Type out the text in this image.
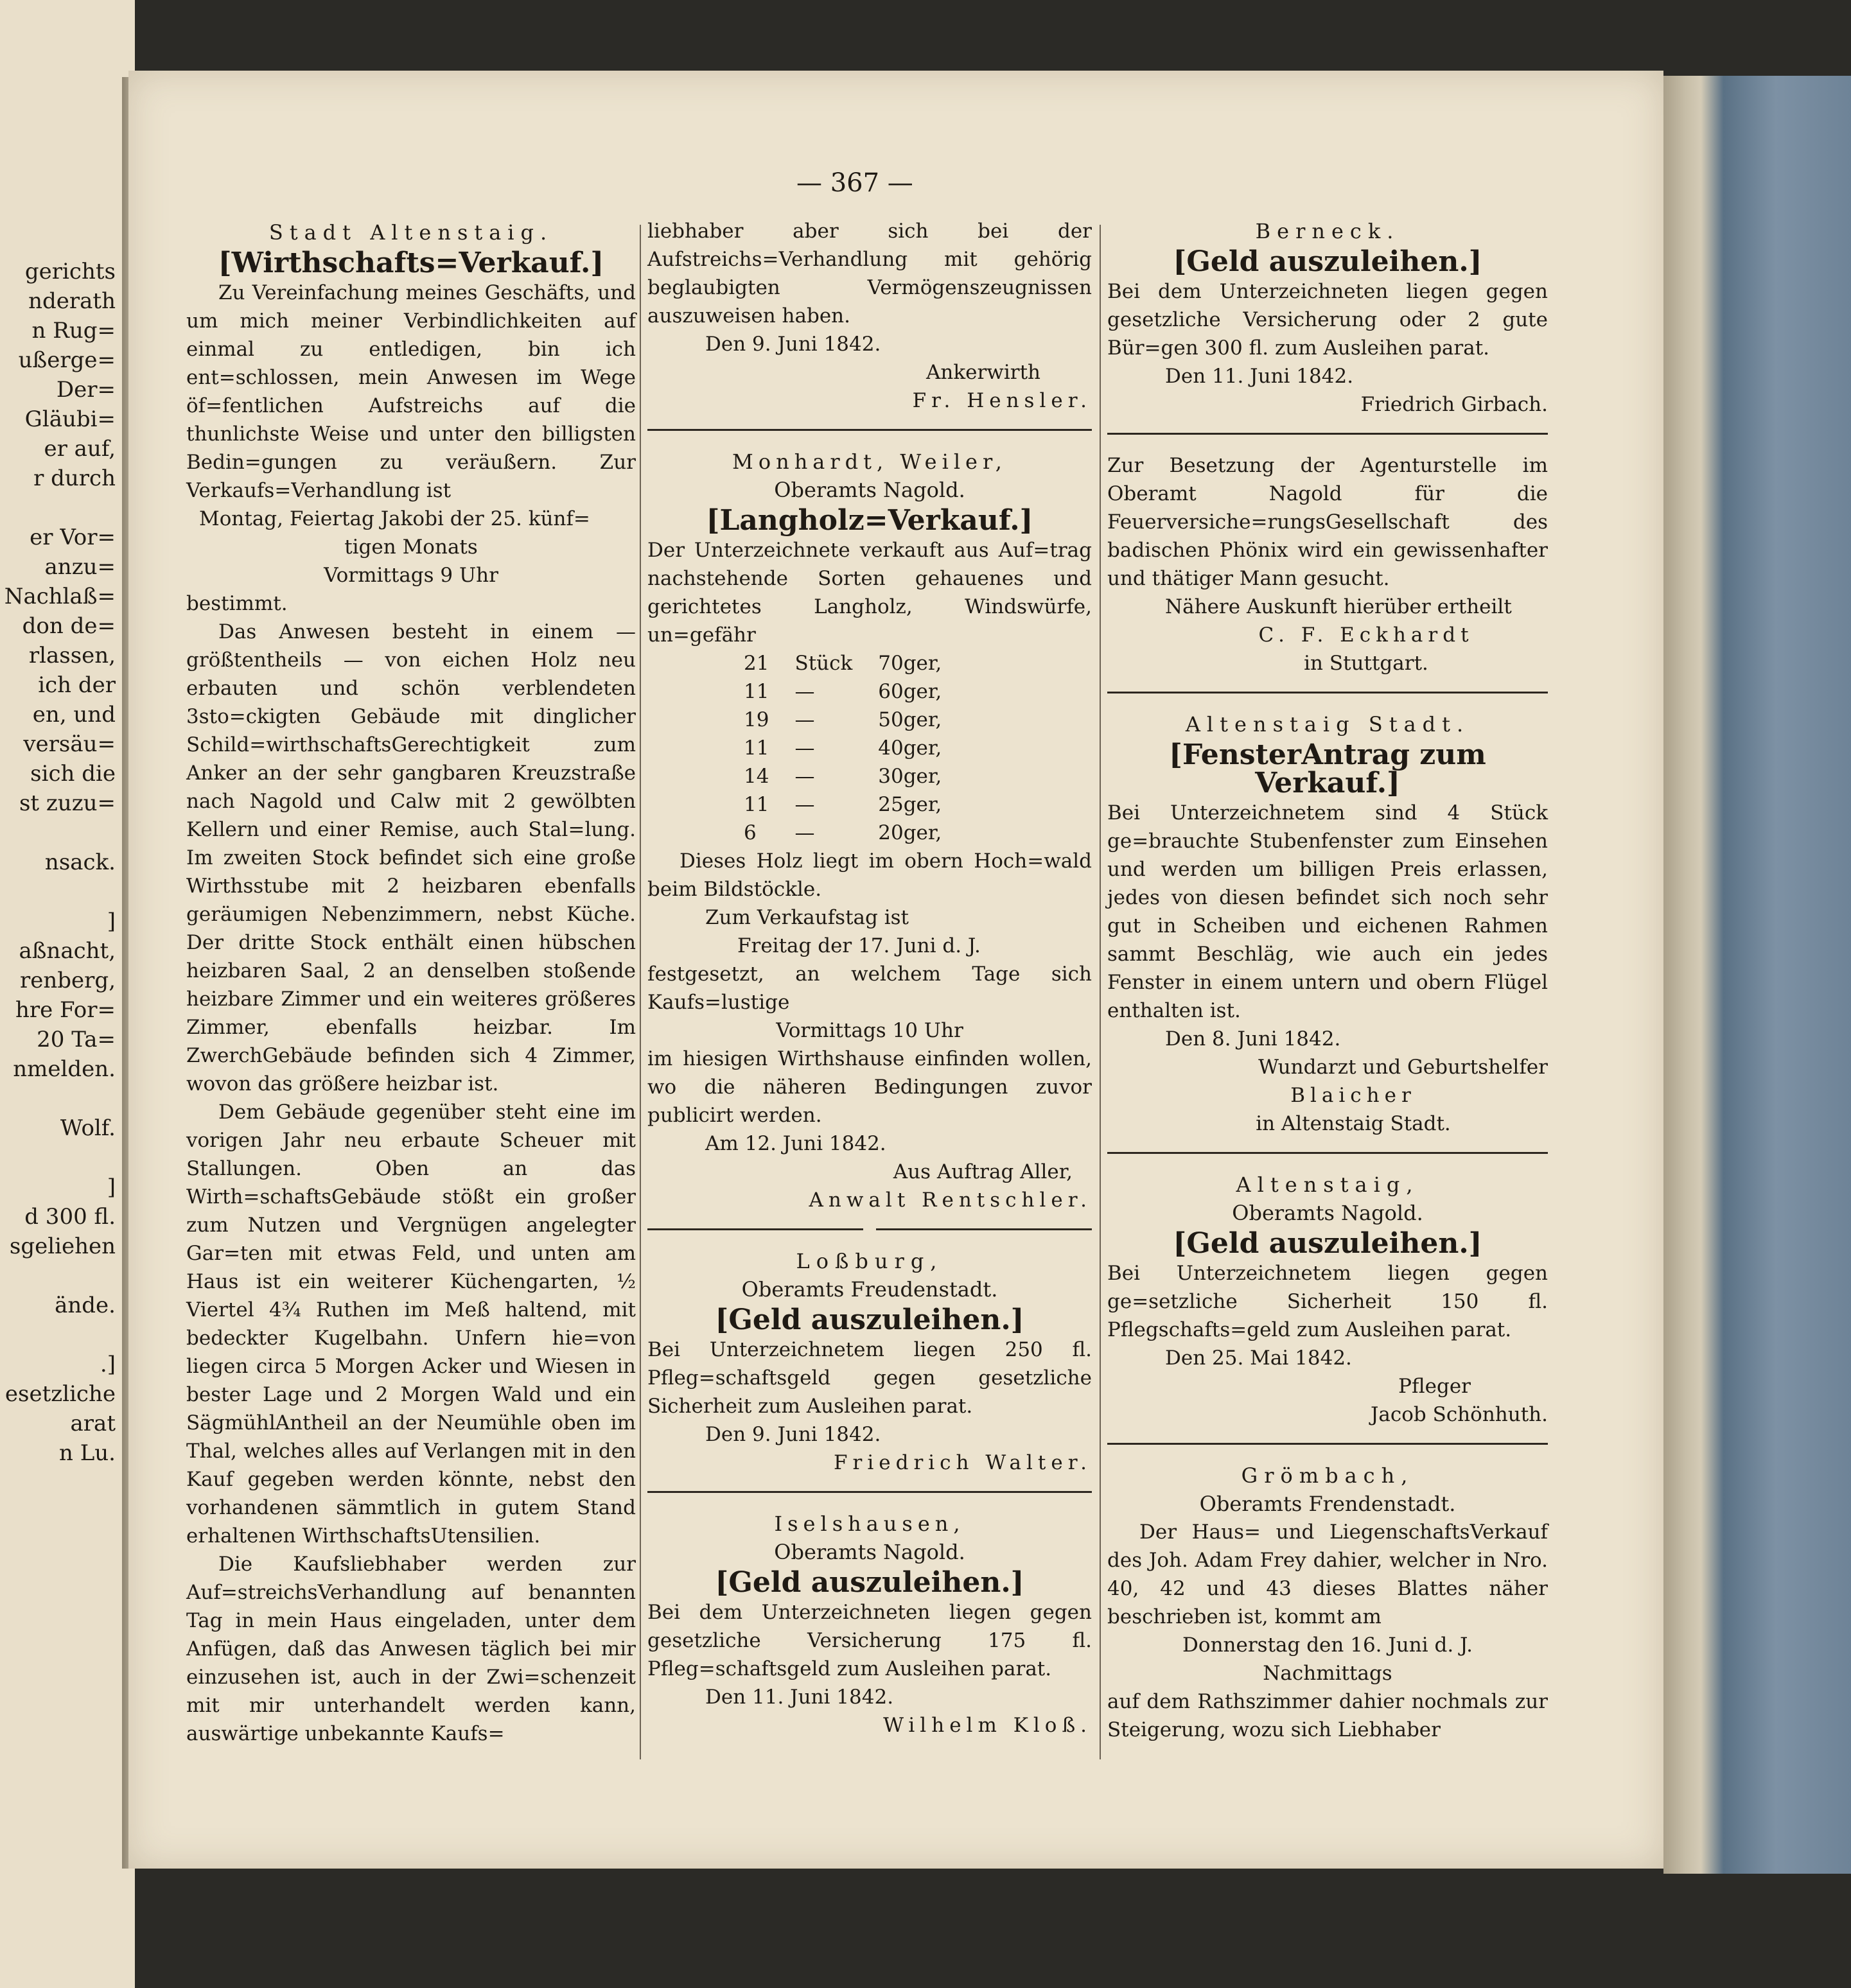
gerichts
nderath
n Rug=
ußerge=
Der=
Gläubi=
er auf,
r durch

er Vor=
anzu=
Nachlaß=
don de=
rlassen,
ich der
en, und
versäu=
sich die
st zuzu=

nsack.

]
aßnacht,
renberg,
hre For=
20 Ta=
nmelden.

Wolf.

]
d 300 fl.
sgeliehen

ände.

.]
esetzliche
arat
n Lu.
— 367 —
Stadt Altenstaig.
[Wirthschafts=Verkauf.]

Zu Vereinfachung meines Geschäfts, und um mich meiner Verbindlichkeiten auf einmal zu entledigen, bin ich ent=schlossen, mein Anwesen im Wege öf=fentlichen Aufstreichs auf die thunlichste Weise und unter den billigsten Bedin=gungen zu veräußern. Zur Verkaufs=Verhandlung ist

Montag, Feiertag Jakobi der 25. künf=
tigen Monats
Vormittags 9 Uhr
bestimmt.

Das Anwesen besteht in einem — größtentheils — von eichen Holz neu erbauten und schön verblendeten 3sto=ckigten Gebäude mit dinglicher Schild=wirthschaftsGerechtigkeit zum Anker an der sehr gangbaren Kreuzstraße nach Nagold und Calw mit 2 gewölbten Kellern und einer Remise, auch Stal=lung. Im zweiten Stock befindet sich eine große Wirthsstube mit 2 heizbaren ebenfalls geräumigen Nebenzimmern, nebst Küche. Der dritte Stock enthält einen hübschen heizbaren Saal, 2 an denselben stoßende heizbare Zimmer und ein weiteres größeres Zimmer, ebenfalls heizbar. Im ZwerchGebäude befinden sich 4 Zimmer, wovon das größere heizbar ist.

Dem Gebäude gegenüber steht eine im vorigen Jahr neu erbaute Scheuer mit Stallungen. Oben an das Wirth=schaftsGebäude stößt ein großer zum Nutzen und Vergnügen angelegter Gar=ten mit etwas Feld, und unten am Haus ist ein weiterer Küchengarten, ½ Viertel 4¾ Ruthen im Meß haltend, mit bedeckter Kugelbahn. Unfern hie=von liegen circa 5 Morgen Acker und Wiesen in bester Lage und 2 Morgen Wald und ein SägmühlAntheil an der Neumühle oben im Thal, welches alles auf Verlangen mit in den Kauf gegeben werden könnte, nebst den vorhandenen sämmtlich in gutem Stand erhaltenen WirthschaftsUtensilien.

Die Kaufsliebhaber werden zur Auf=streichsVerhandlung auf benannten Tag in mein Haus eingeladen, unter dem Anfügen, daß das Anwesen täglich bei mir einzusehen ist, auch in der Zwi=schenzeit mit mir unterhandelt werden kann, auswärtige unbekannte Kaufs=

liebhaber aber sich bei der Aufstreichs=Verhandlung mit gehörig beglaubigten Vermögenszeugnissen auszuweisen haben.

Den 9. Juni 1842.
Ankerwirth
Fr. Hensler.
Monhardt, Weiler,
Oberamts Nagold.
[Langholz=Verkauf.]

Der Unterzeichnete verkauft aus Auf=trag nachstehende Sorten gehauenes und gerichtetes Langholz, Windswürfe, un=gefähr

21	Stück	70ger,
11	—	60ger,
19	—	50ger,
11	—	40ger,
14	—	30ger,
11	—	25ger,
6	—	20ger,

Dieses Holz liegt im obern Hoch=wald beim Bildstöckle.

Zum Verkaufstag ist
Freitag der 17. Juni d. J.

festgesetzt, an welchem Tage sich Kaufs=lustige

Vormittags 10 Uhr

im hiesigen Wirthshause einfinden wollen, wo die näheren Bedingungen zuvor publicirt werden.

Am 12. Juni 1842.
Aus Auftrag Aller,
Anwalt Rentschler.
Loßburg,
Oberamts Freudenstadt.
[Geld auszuleihen.]

Bei Unterzeichnetem liegen 250 fl. Pfleg=schaftsgeld gegen gesetzliche Sicherheit zum Ausleihen parat.

Den 9. Juni 1842.
Friedrich Walter.
Iselshausen,
Oberamts Nagold.
[Geld auszuleihen.]

Bei dem Unterzeichneten liegen gegen gesetzliche Versicherung 175 fl. Pfleg=schaftsgeld zum Ausleihen parat.

Den 11. Juni 1842.
Wilhelm Kloß.
Berneck.
[Geld auszuleihen.]

Bei dem Unterzeichneten liegen gegen gesetzliche Versicherung oder 2 gute Bür=gen 300 fl. zum Ausleihen parat.

Den 11. Juni 1842.
Friedrich Girbach.

Zur Besetzung der Agenturstelle im Oberamt Nagold für die Feuerversiche=rungsGesellschaft des badischen Phönix wird ein gewissenhafter und thätiger Mann gesucht.

Nähere Auskunft hierüber ertheilt
C. F. Eckhardt
in Stuttgart.
Altenstaig Stadt.
[FensterAntrag zum Verkauf.]

Bei Unterzeichnetem sind 4 Stück ge=brauchte Stubenfenster zum Einsehen und werden um billigen Preis erlassen, jedes von diesen befindet sich noch sehr gut in Scheiben und eichenen Rahmen sammt Beschläg, wie auch ein jedes Fenster in einem untern und obern Flügel enthalten ist.

Den 8. Juni 1842.
Wundarzt und Geburtshelfer
Blaicher
in Altenstaig Stadt.
Altenstaig,
Oberamts Nagold.
[Geld auszuleihen.]

Bei Unterzeichnetem liegen gegen ge=setzliche Sicherheit 150 fl. Pflegschafts=geld zum Ausleihen parat.

Den 25. Mai 1842.
Pfleger
Jacob Schönhuth.
Grömbach,
Oberamts Frendenstadt.

Der Haus= und LiegenschaftsVerkauf des Joh. Adam Frey dahier, welcher in Nro. 40, 42 und 43 dieses Blattes näher beschrieben ist, kommt am

Donnerstag den 16. Juni d. J.
Nachmittags

auf dem Rathszimmer dahier nochmals zur Steigerung, wozu sich Liebhaber
